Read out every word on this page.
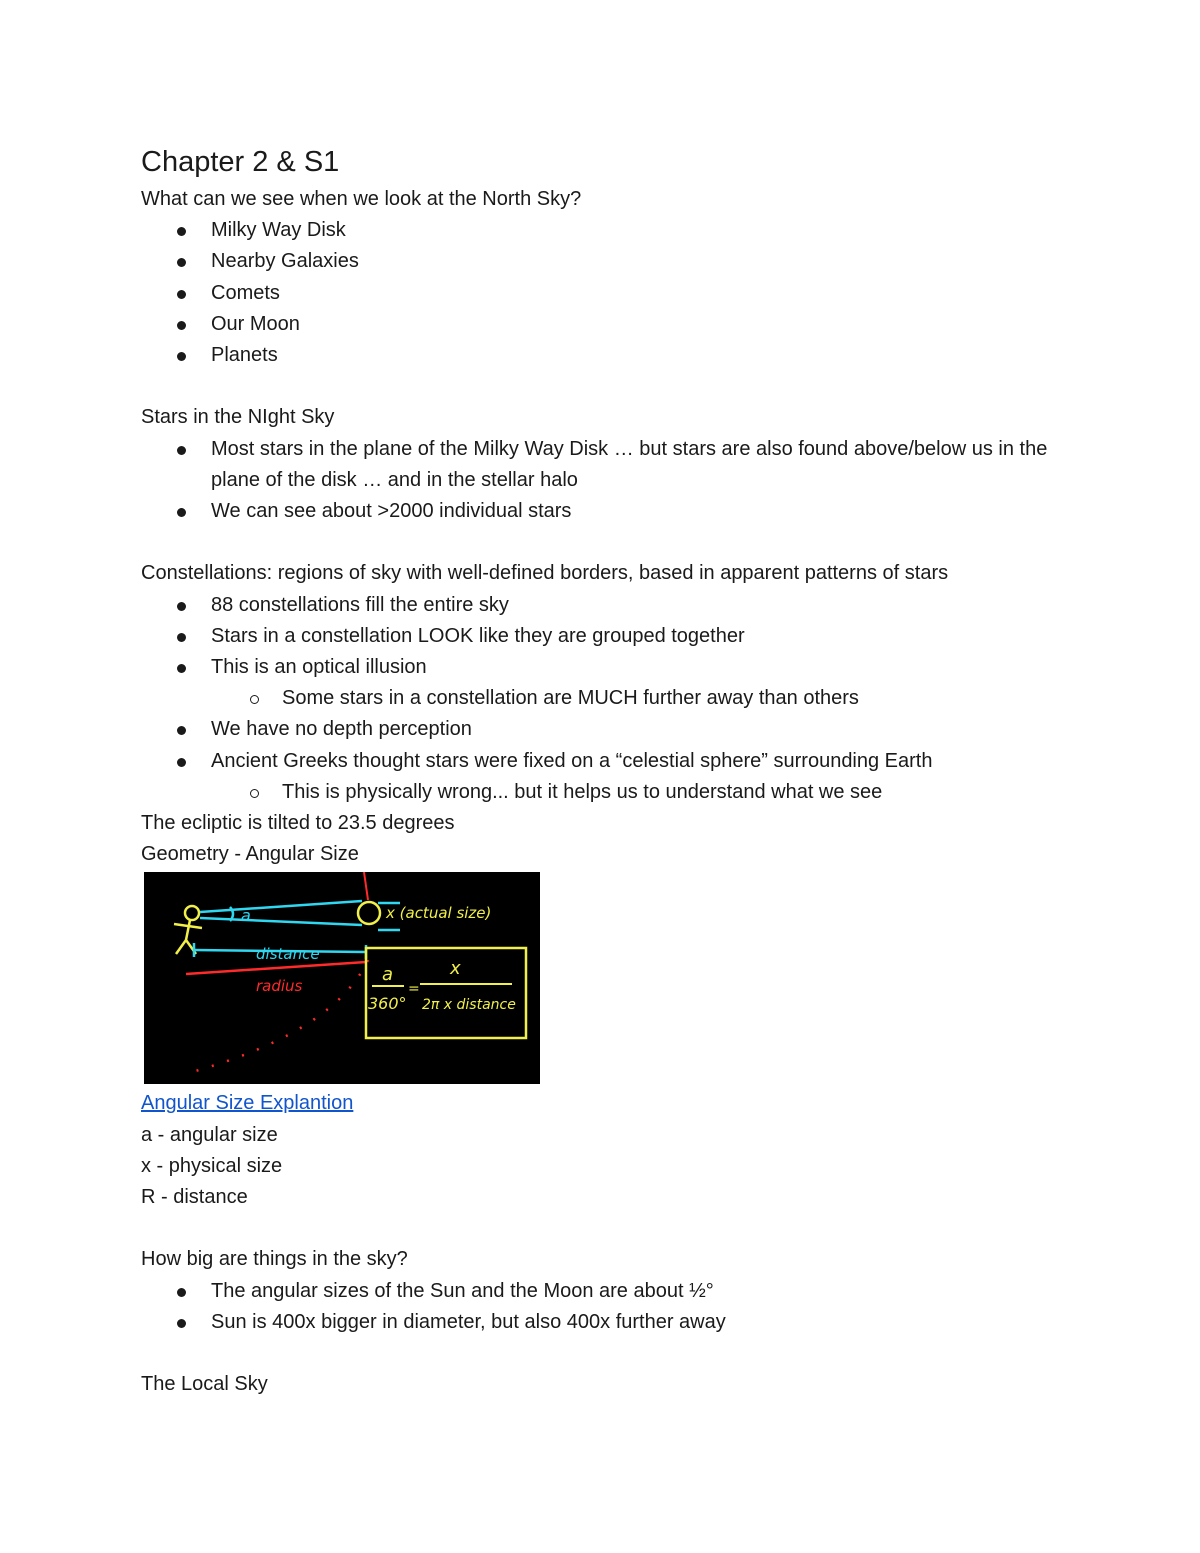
Chapter 2 & S1

What can we see when we look at the North Sky?

Milky Way Disk
Nearby Galaxies
Comets
Our Moon
Planets

Stars in the NIght Sky

Most stars in the plane of the Milky Way Disk … but stars are also found above/below us in the plane of the disk … and in the stellar halo
We can see about >2000 individual stars

Constellations: regions of sky with well-defined borders, based in apparent patterns of stars

88 constellations fill the entire sky
Stars in a constellation LOOK like they are grouped together
This is an optical illusion
Some stars in a constellation are MUCH further away than others
We have no depth perception
Ancient Greeks thought stars were fixed on a “celestial sphere” surrounding Earth
This is physically wrong... but it helps us to understand what we see

The ecliptic is tilted to 23.5 degrees

Geometry - Angular Size

a
distance
x (actual size)
radius
a
360°
=
x
2π x distance

Angular Size Explantion

a - angular size

x - physical size

R - distance

How big are things in the sky?

The angular sizes of the Sun and the Moon are about ½°
Sun is 400x bigger in diameter, but also 400x further away

The Local Sky
